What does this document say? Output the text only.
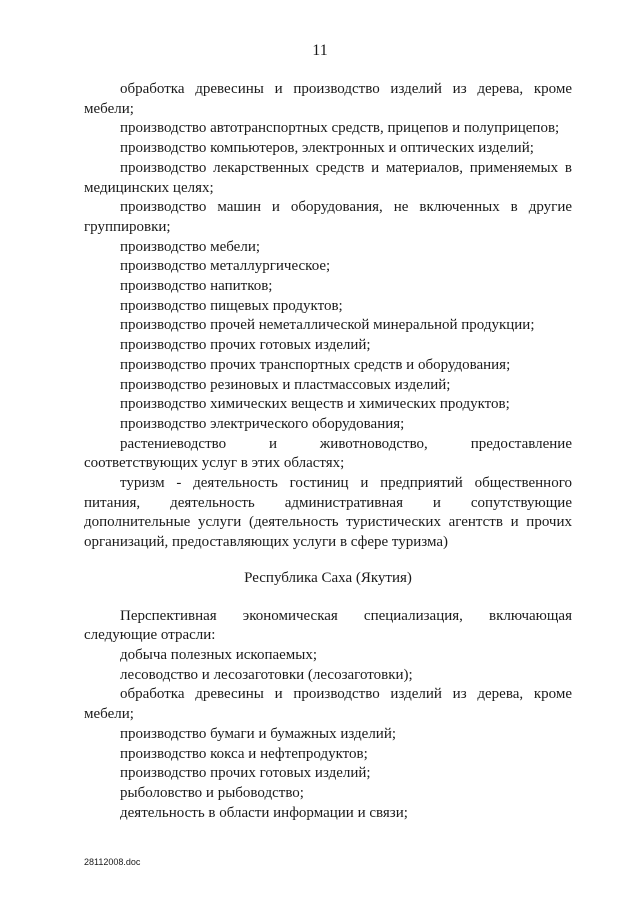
11

обработка древесины и производство изделий из дерева, кроме мебели;

производство автотранспортных средств, прицепов и полуприцепов;

производство компьютеров, электронных и оптических изделий;

производство лекарственных средств и материалов, применяемых в медицинских целях;

производство машин и оборудования, не включенных в другие группировки;

производство мебели;

производство металлургическое;

производство напитков;

производство пищевых продуктов;

производство прочей неметаллической минеральной продукции;

производство прочих готовых изделий;

производство прочих транспортных средств и оборудования;

производство резиновых и пластмассовых изделий;

производство химических веществ и химических продуктов;

производство электрического оборудования;

растениеводство и животноводство, предоставление соответствующих услуг в этих областях;

туризм - деятельность гостиниц и предприятий общественного питания, деятельность административная и сопутствующие дополнительные услуги (деятельность туристических агентств и прочих организаций, предоставляющих услуги в сфере туризма)

Республика Саха (Якутия)

Перспективная экономическая специализация, включающая следующие отрасли:

добыча полезных ископаемых;

лесоводство и лесозаготовки (лесозаготовки);

обработка древесины и производство изделий из дерева, кроме мебели;

производство бумаги и бумажных изделий;

производство кокса и нефтепродуктов;

производство прочих готовых изделий;

рыболовство и рыбоводство;

деятельность в области информации и связи;

28112008.doc
